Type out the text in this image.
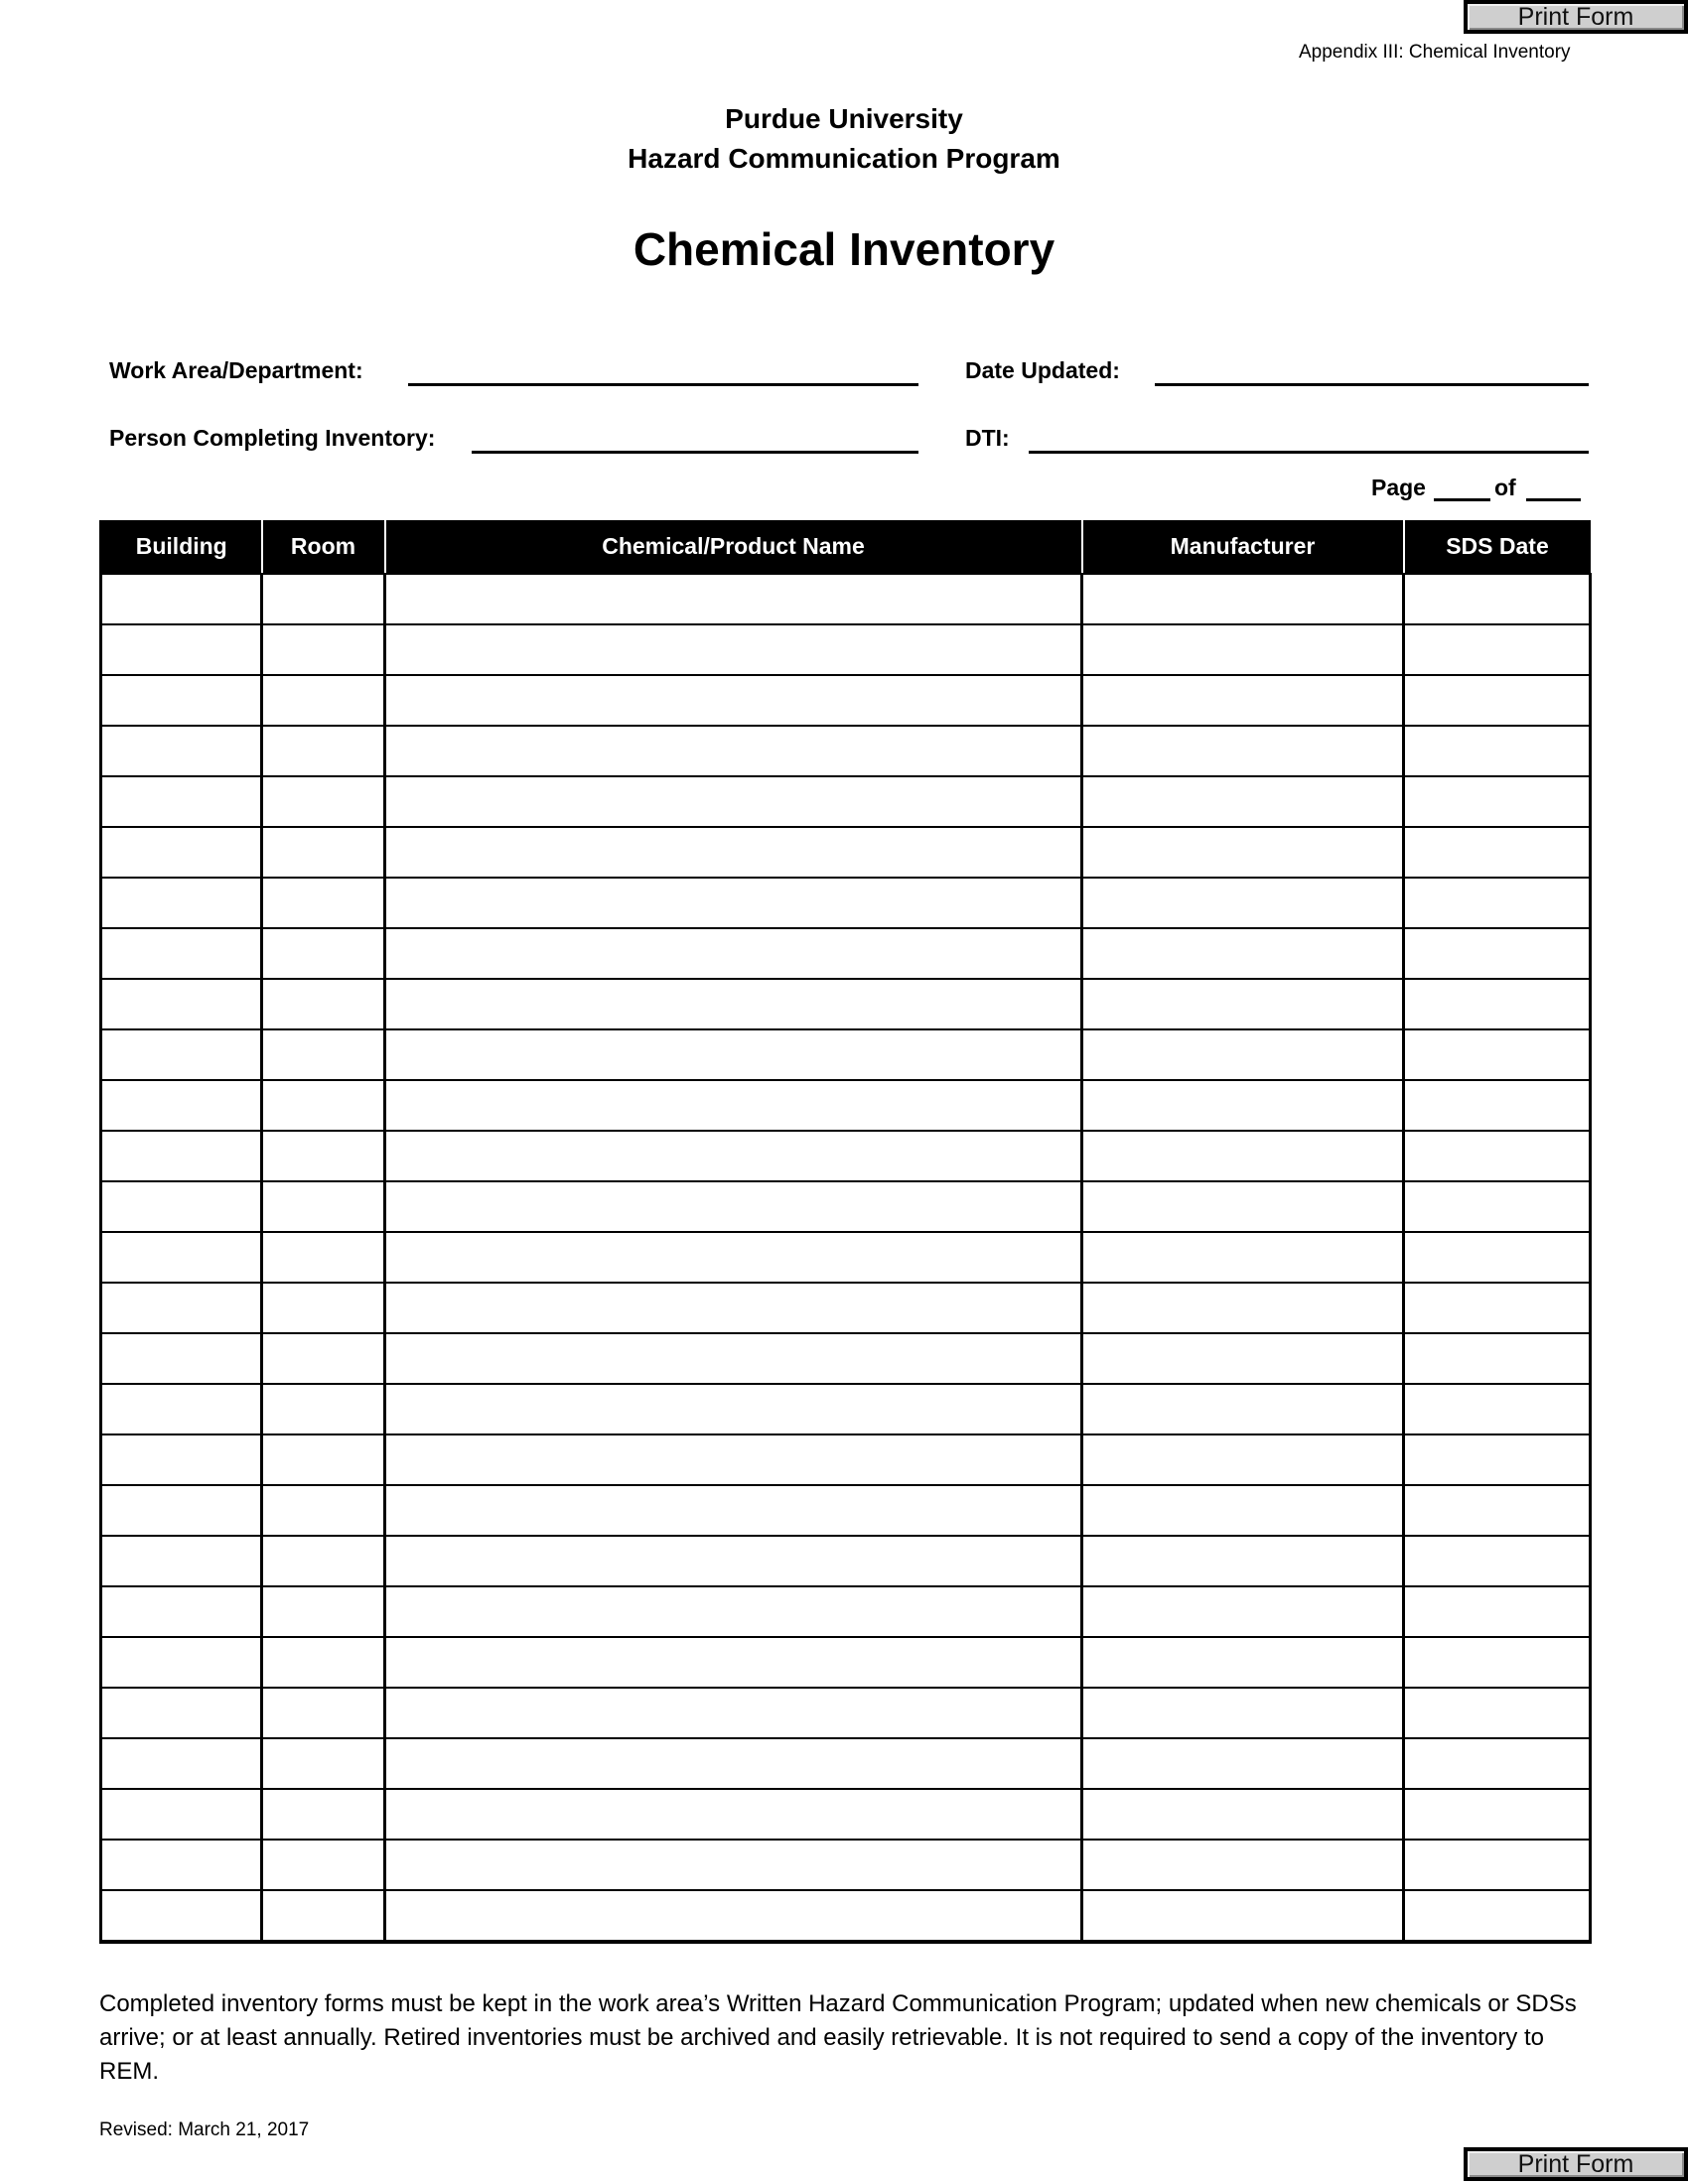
Print Form
Appendix III: Chemical Inventory
Purdue University
Hazard Communication Program
Chemical Inventory
Work Area/Department:	Date Updated:
Person Completing Inventory:	DTI:
Page	of
Building	Room	Chemical/Product Name	Manufacturer	SDS Date

Completed inventory forms must be kept in the work area’s Written Hazard Communication Program; updated when new chemicals or SDSs arrive; or at least annually. Retired inventories must be archived and easily retrievable. It is not required to send a copy of the inventory to REM.
Revised: March 21, 2017
Print Form
